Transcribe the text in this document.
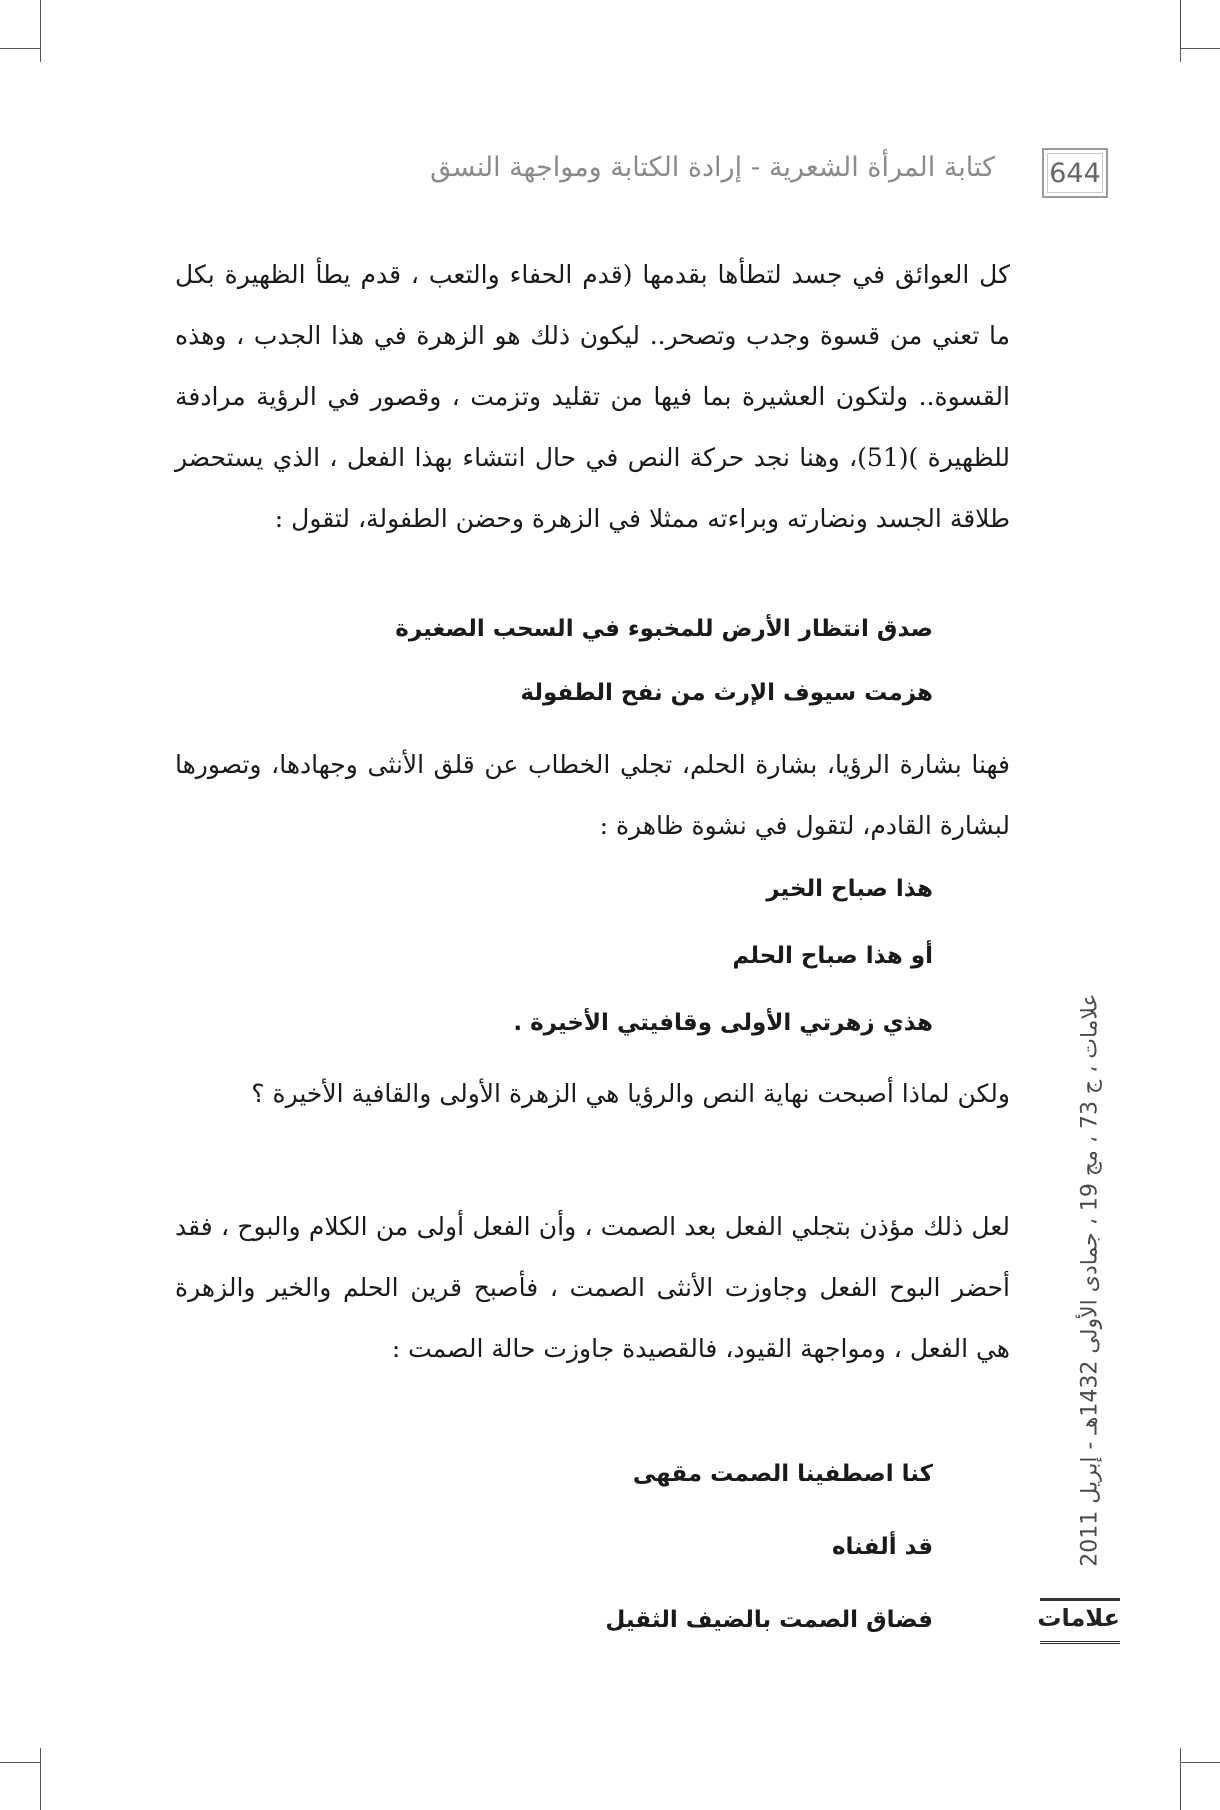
644
كتابة المرأة الشعرية - إرادة الكتابة ومواجهة النسق

كل العوائق في جسد لتطأها بقدمها (قدم الحفاء والتعب ، قدم يطأ الظهيرة بكل ما تعني من قسوة وجدب وتصحر.. ليكون ذلك هو الزهرة في هذا الجدب ، وهذه القسوة.. ولتكون العشيرة بما فيها من تقليد وتزمت ، وقصور في الرؤية مرادفة للظهيرة )(51)، وهنا نجد حركة النص في حال انتشاء بهذا الفعل ، الذي يستحضر طلاقة الجسد ونضارته وبراءته ممثلا في الزهرة وحضن الطفولة، لتقول :

فهنا بشارة الرؤيا، بشارة الحلم، تجلي الخطاب عن قلق الأنثى وجهادها، وتصورها لبشارة القادم، لتقول في نشوة ظاهرة :

ولكن لماذا أصبحت نهاية النص والرؤيا هي الزهرة الأولى والقافية الأخيرة ؟

لعل ذلك مؤذن بتجلي الفعل بعد الصمت ، وأن الفعل أولى من الكلام والبوح ، فقد أحضر البوح الفعل وجاوزت الأنثى الصمت ، فأصبح قرين الحلم والخير والزهرة هي الفعل ، ومواجهة القيود، فالقصيدة جاوزت حالة الصمت :

صدق انتظار الأرض للمخبوء في السحب الصغيرة

هزمت سيوف الإرث من نفح الطفولة

هذا صباح الخير

أو هذا صباح الحلم

هذي زهرتي الأولى وقافيتي الأخيرة .

كنا اصطفينا الصمت مقهى

قد ألفناه

فضاق الصمت بالضيف الثقيل

علامات ، ج 73 ، مج 19 ، جمادى الأولى 1432هـ - إبريل 2011
علامات
